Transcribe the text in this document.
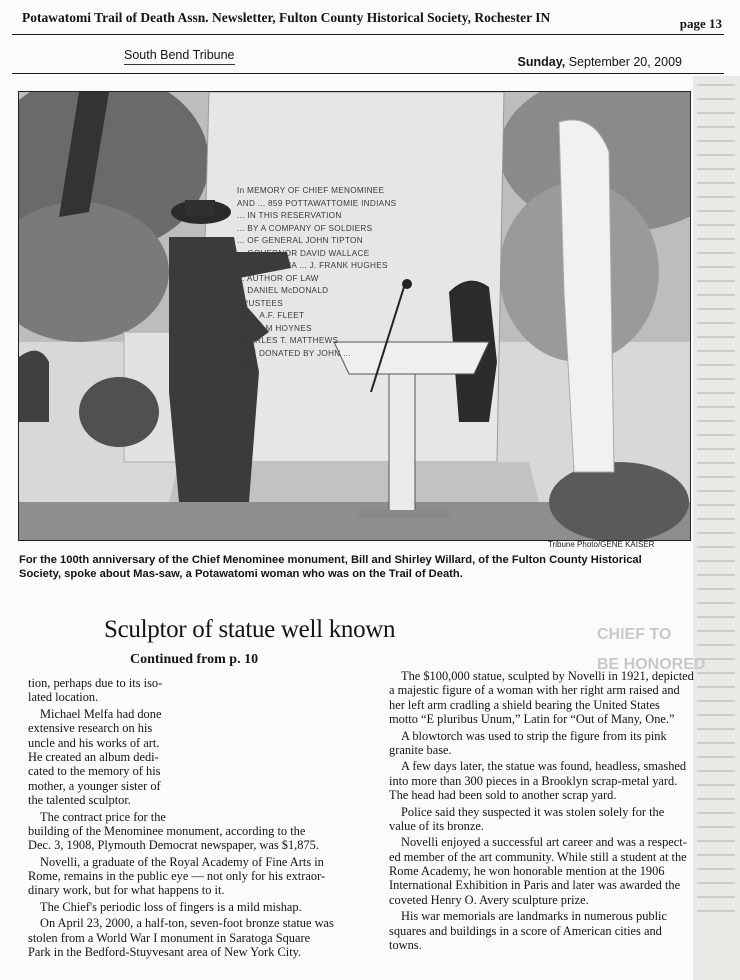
Potawatomi Trail of Death Assn. Newsletter, Fulton County Historical Society, Rochester IN	page 13
South Bend Tribune	Sunday, September 20, 2009
CHIEF TO
BE HONORED
In MEMORY OF CHIEF MENOMINEE
AND ... 859 POTTAWATTOMIE INDIANS
... IN THIS RESERVATION
... BY A COMPANY OF SOLDIERS
... OF GENERAL JOHN TIPTON
... GOVERNOR DAVID WALLACE
... OF INDIANA ... J. FRANK HUGHES
... AUTHOR OF LAW
... DANIEL McDONALD
TRUSTEES
COL. A.F. FLEET
WILLIAM HOYNES
CHARLES T. MATTHEWS
SITE DONATED BY JOHN ...
1909
Tribune Photo/GENE KAISER
For the 100th anniversary of the Chief Menominee monument, Bill and Shirley Willard, of the Fulton County Historical Society, spoke about Mas-saw, a Potawatomi woman who was on the Trail of Death.
Sculptor of statue well known
Continued from p. 10
tion, perhaps due to its iso-
lated location.
Michael Melfa had done
extensive research on his
uncle and his works of art.
He created an album dedi-
cated to the memory of his
mother, a younger sister of
the talented sculptor.
The contract price for the
building of the Menominee monument, according to the
Dec. 3, 1908, Plymouth Democrat newspaper, was $1,875.
Novelli, a graduate of the Royal Academy of Fine Arts in
Rome, remains in the public eye — not only for his extraor-
dinary work, but for what happens to it.
The Chief's periodic loss of fingers is a mild mishap.
On April 23, 2000, a half-ton, seven-foot bronze statue was
stolen from a World War I monument in Saratoga Square
Park in the Bedford-Stuyvesant area of New York City.
The $100,000 statue, sculpted by Novelli in 1921, depicted
a majestic figure of a woman with her right arm raised and
her left arm cradling a shield bearing the United States
motto “E pluribus Unum,” Latin for “Out of Many, One.”
A blowtorch was used to strip the figure from its pink
granite base.
A few days later, the statue was found, headless, smashed
into more than 300 pieces in a Brooklyn scrap-metal yard.
The head had been sold to another scrap yard.
Police said they suspected it was stolen solely for the
value of its bronze.
Novelli enjoyed a successful art career and was a respect-
ed member of the art community. While still a student at the
Rome Academy, he won honorable mention at the 1906
International Exhibition in Paris and later was awarded the
coveted Henry O. Avery sculpture prize.
His war memorials are landmarks in numerous public
squares and buildings in a score of American cities and
towns.
